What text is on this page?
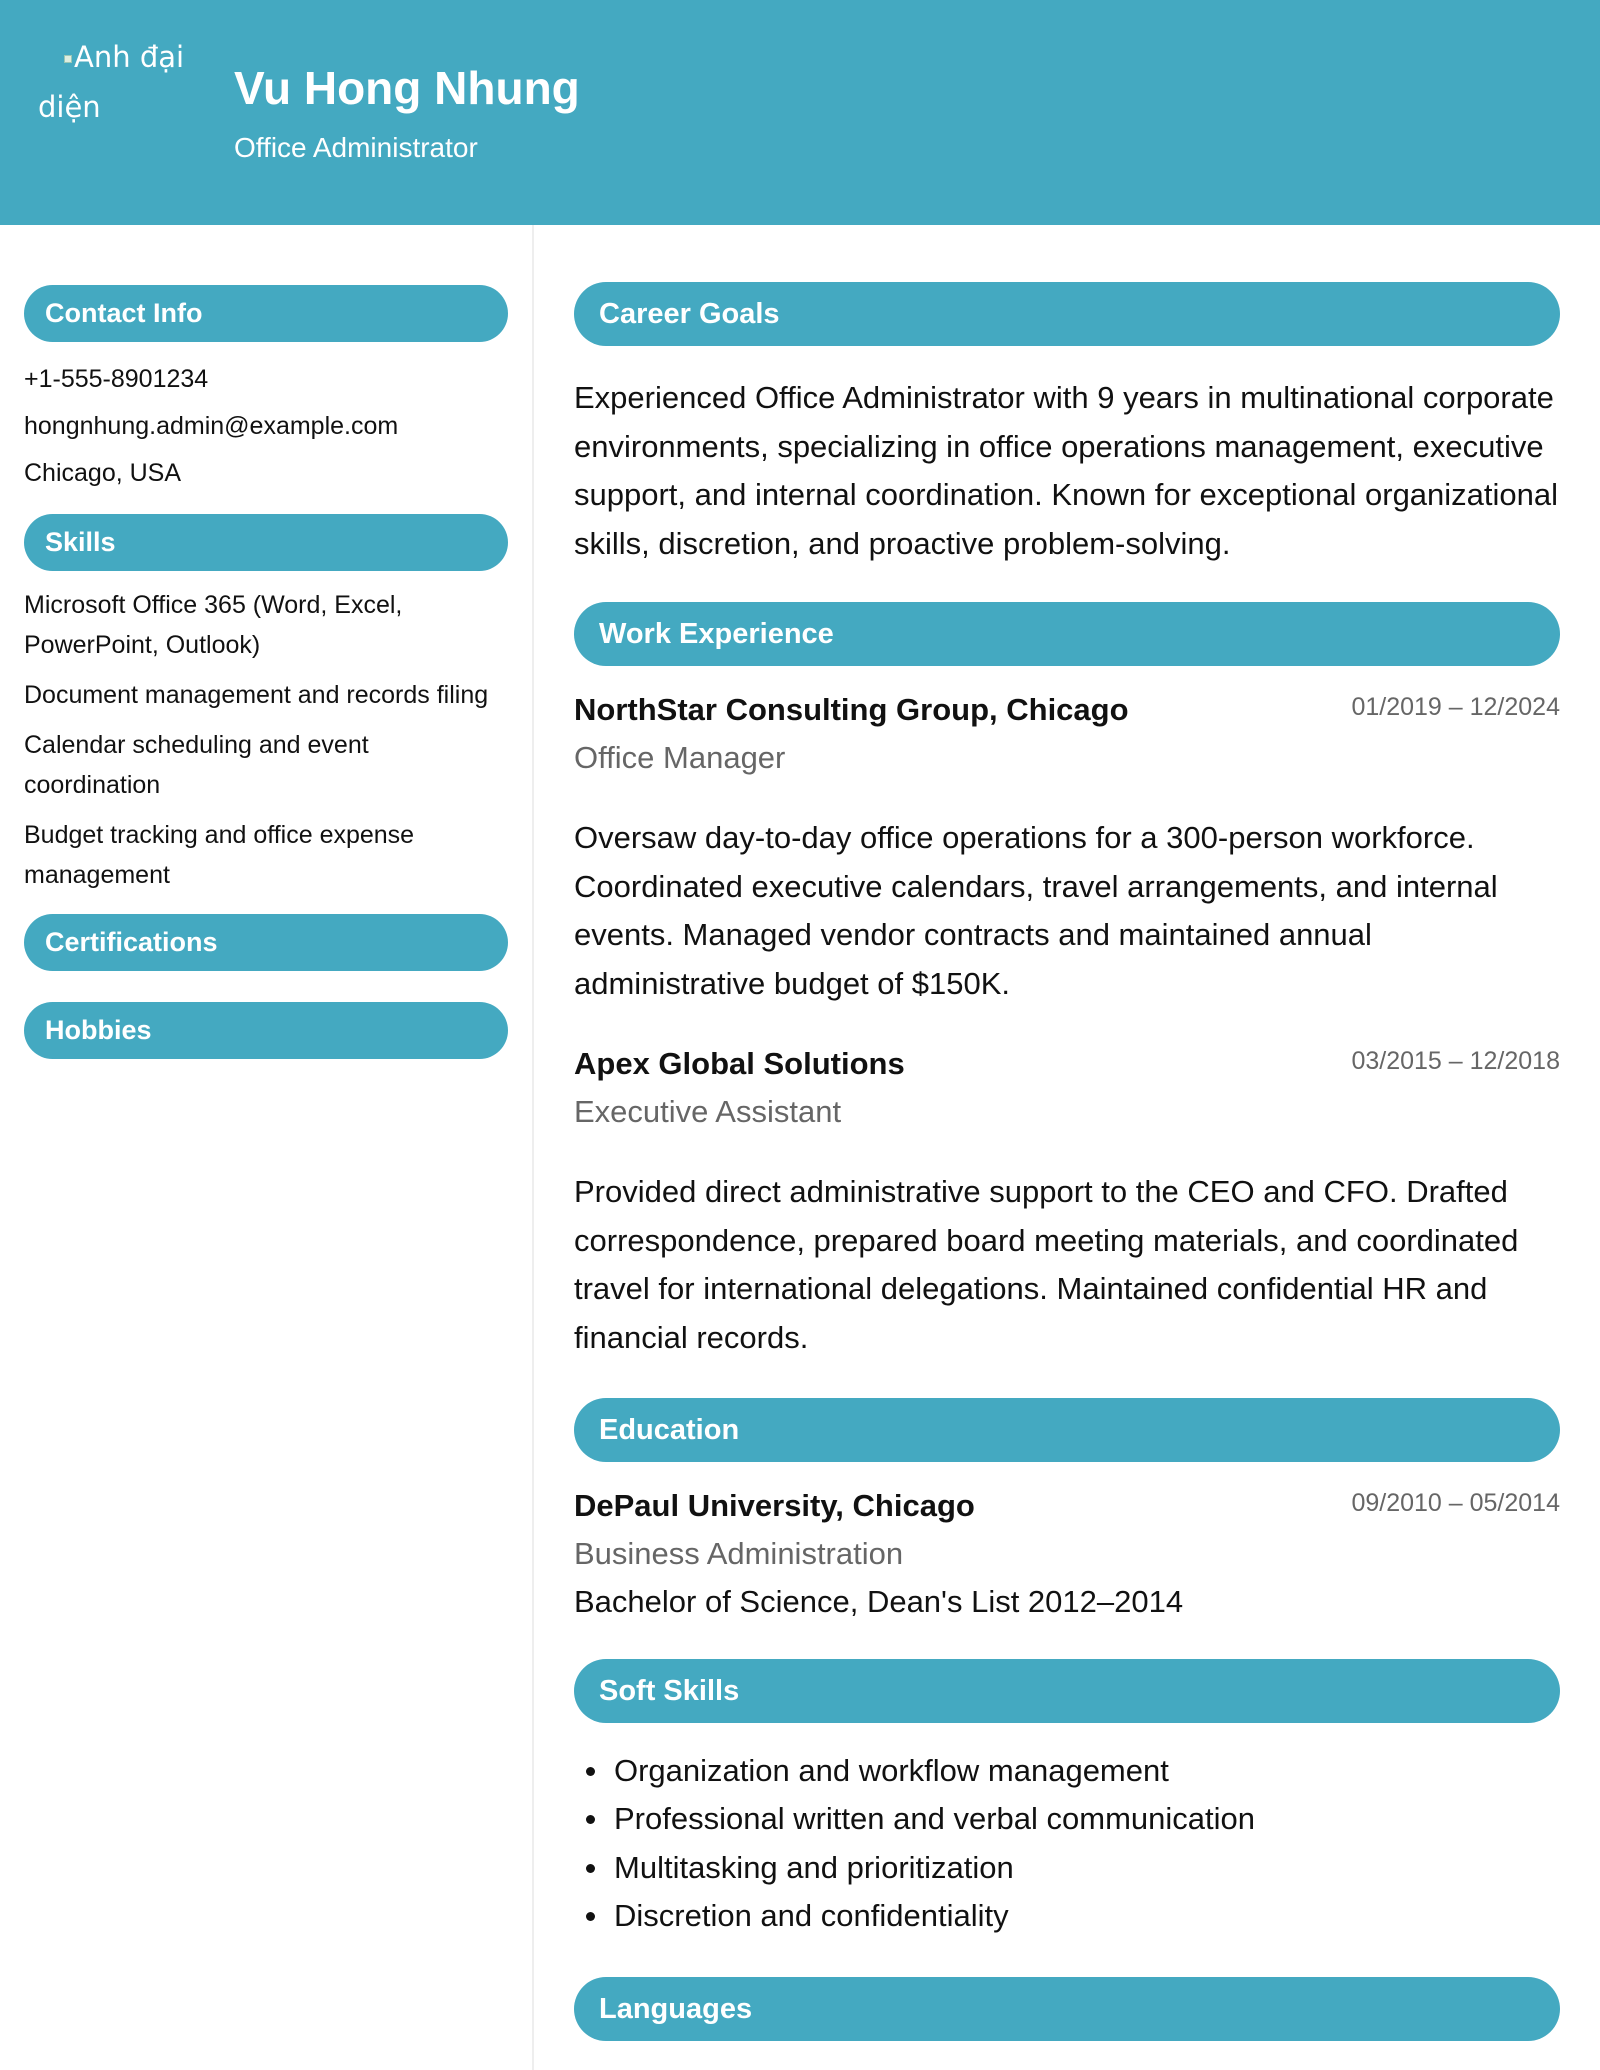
Anh đại
diện	Vu Hong Nhung
Office Administrator
Contact Info
+1-555-8901234
hongnhung.admin@example.com
Chicago, USA
Skills
Microsoft Office 365 (Word, Excel, PowerPoint, Outlook)
Document management and records filing
Calendar scheduling and event coordination
Budget tracking and office expense management
Certifications
Hobbies
Career Goals
Experienced Office Administrator with 9 years in multinational corporate environments, specializing in office operations management, executive support, and internal coordination. Known for exceptional organizational skills, discretion, and proactive problem-solving.
Work Experience
NorthStar Consulting Group, Chicago	01/2019 – 12/2024
Office Manager
Oversaw day-to-day office operations for a 300-person workforce. Coordinated executive calendars, travel arrangements, and internal events. Managed vendor contracts and maintained annual administrative budget of $150K.
Apex Global Solutions	03/2015 – 12/2018
Executive Assistant
Provided direct administrative support to the CEO and CFO. Drafted correspondence, prepared board meeting materials, and coordinated travel for international delegations. Maintained confidential HR and financial records.
Education
DePaul University, Chicago	09/2010 – 05/2014
Business Administration
Bachelor of Science, Dean's List 2012–2014
Soft Skills
Organization and workflow management
Professional written and verbal communication
Multitasking and prioritization
Discretion and confidentiality
Languages
